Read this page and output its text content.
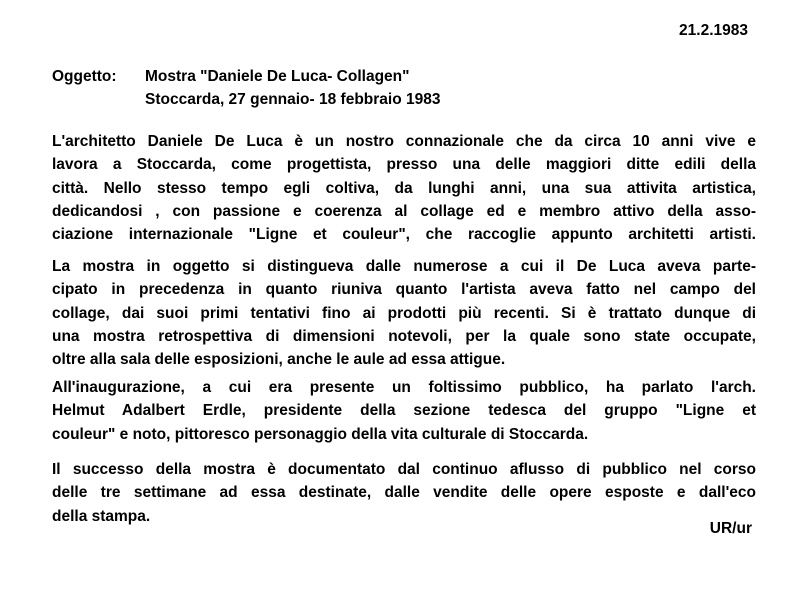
21.2.1983
Oggetto:	Mostra "Daniele De Luca- Collagen"
Stoccarda, 27 gennaio- 18 febbraio 1983
L'architetto Daniele De Luca è un nostro connazionale che da circa 10 anni vive e
lavora a Stoccarda, come progettista, presso una delle maggiori ditte edili della
città. Nello stesso tempo egli coltiva, da lunghi anni, una sua attivita artistica,
dedicandosi , con passione e coerenza al collage ed e membro attivo della asso-
ciazione internazionale "Ligne et couleur", che raccoglie appunto architetti artisti.
La mostra in oggetto si distingueva dalle numerose a cui il De Luca aveva parte-
cipato in precedenza in quanto riuniva quanto l'artista aveva fatto nel campo del
collage, dai suoi primi tentativi fino ai prodotti più recenti. Si è trattato dunque di
una mostra retrospettiva di dimensioni notevoli, per la quale sono state occupate,
oltre alla sala delle esposizioni, anche le aule ad essa attigue.
All'inaugurazione, a cui era presente un foltissimo pubblico, ha parlato l'arch.
Helmut Adalbert Erdle, presidente della sezione tedesca del gruppo "Ligne et
couleur" e noto, pittoresco personaggio della vita culturale di Stoccarda.
Il successo della mostra è documentato dal continuo aflusso di pubblico nel corso
delle tre settimane ad essa destinate, dalle vendite delle opere esposte e dall'eco
della stampa.
UR/ur
